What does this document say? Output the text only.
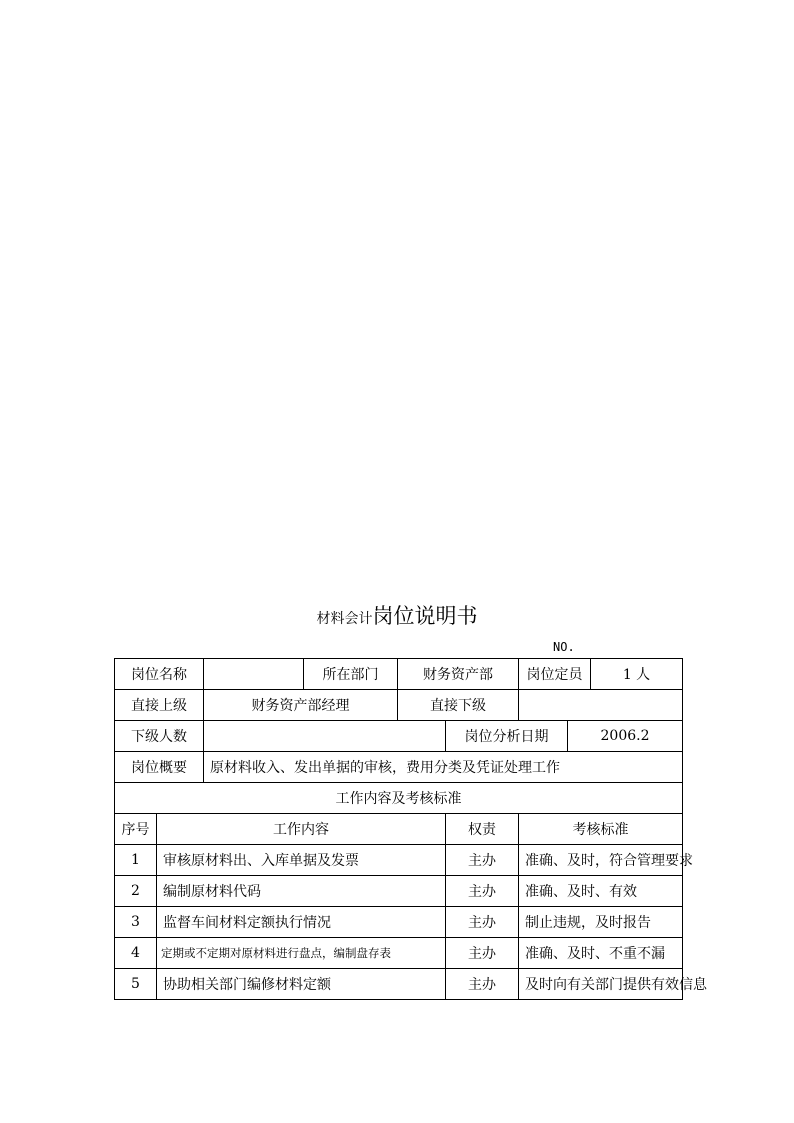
材料会计岗位说明书
NO.
岗位名称			所在部门	财务资产部		岗位定员		1 人
直接上级		财务资产部经理		直接下级				
下级人数					岗位分析日期		2006.2	
岗位概要		原材料收入、发出单据的审核，费用分类及凭证处理工作						
工作内容及考核标准								
序号	工作内容				权责	考核标准		
1	审核原材料出、入库单据及发票				主办	准确、及时，符合管理要求		
2	编制原材料代码				主办	准确、及时、有效		
3	监督车间材料定额执行情况				主办	制止违规，及时报告		
4	定期或不定期对原材料进行盘点，编制盘存表				主办	准确、及时、不重不漏		
5	协助相关部门编修材料定额				主办	及时向有关部门提供有效信息		
